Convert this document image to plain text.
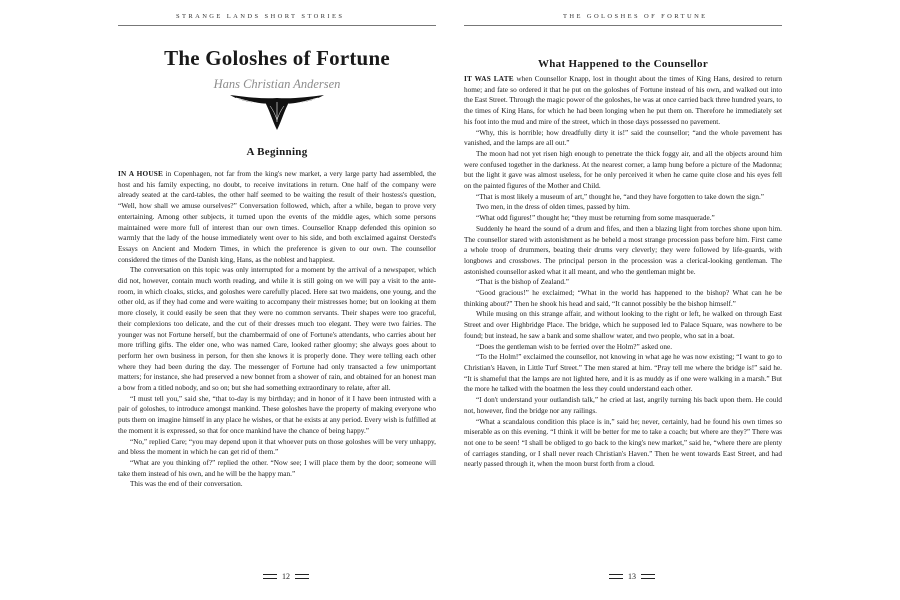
STRANGE LANDS SHORT STORIES
The Goloshes of Fortune
Hans Christian Andersen
A Beginning

IN A HOUSE in Copenhagen, not far from the king's new market, a very large party had assembled, the host and his family expecting, no doubt, to receive invitations in return. One half of the company were already seated at the card-tables, the other half seemed to be waiting the result of their hostess's question, “Well, how shall we amuse ourselves?” Conversation followed, which, after a while, began to prove very entertaining. Among other subjects, it turned upon the events of the middle ages, which some persons maintained were more full of interest than our own times. Counsellor Knapp defended this opinion so warmly that the lady of the house immediately went over to his side, and both exclaimed against Oersted's Essays on Ancient and Modern Times, in which the preference is given to our own. The counsellor considered the times of the Danish king, Hans, as the noblest and happiest.

The conversation on this topic was only interrupted for a moment by the arrival of a newspaper, which did not, however, contain much worth reading, and while it is still going on we will pay a visit to the ante-room, in which cloaks, sticks, and goloshes were carefully placed. Here sat two maidens, one young, and the other old, as if they had come and were waiting to accompany their mistresses home; but on looking at them more closely, it could easily be seen that they were no common servants. Their shapes were too graceful, their complexions too delicate, and the cut of their dresses much too elegant. They were two fairies. The younger was not Fortune herself, but the chambermaid of one of Fortune's attendants, who carries about her more trifling gifts. The elder one, who was named Care, looked rather gloomy; she always goes about to perform her own business in person, for then she knows it is properly done. They were telling each other where they had been during the day. The messenger of Fortune had only transacted a few unimportant matters; for instance, she had preserved a new bonnet from a shower of rain, and obtained for an honest man a bow from a titled nobody, and so on; but she had something extraordinary to relate, after all.

“I must tell you,” said she, “that to-day is my birthday; and in honor of it I have been intrusted with a pair of goloshes, to introduce amongst mankind. These goloshes have the property of making everyone who puts them on imagine himself in any place he wishes, or that he exists at any period. Every wish is fulfilled at the moment it is expressed, so that for once mankind have the chance of being happy.”

“No,” replied Care; “you may depend upon it that whoever puts on those goloshes will be very unhappy, and bless the moment in which he can get rid of them.”

“What are you thinking of?” replied the other. “Now see; I will place them by the door; someone will take them instead of his own, and he will be the happy man.”

This was the end of their conversation.

12
THE GOLOSHES OF FORTUNE
What Happened to the Counsellor

IT WAS LATE when Counsellor Knapp, lost in thought about the times of King Hans, desired to return home; and fate so ordered it that he put on the goloshes of Fortune instead of his own, and walked out into the East Street. Through the magic power of the goloshes, he was at once carried back three hundred years, to the times of King Hans, for which he had been longing when he put them on. Therefore he immediately set his foot into the mud and mire of the street, which in those days possessed no pavement.

“Why, this is horrible; how dreadfully dirty it is!” said the counsellor; “and the whole pavement has vanished, and the lamps are all out.”

The moon had not yet risen high enough to penetrate the thick foggy air, and all the objects around him were confused together in the darkness. At the nearest corner, a lamp hung before a picture of the Madonna; but the light it gave was almost useless, for he only perceived it when he came quite close and his eyes fell on the painted figures of the Mother and Child.

“That is most likely a museum of art,” thought he, “and they have forgotten to take down the sign.”

Two men, in the dress of olden times, passed by him.

“What odd figures!” thought he; “they must be returning from some masquerade.”

Suddenly he heard the sound of a drum and fifes, and then a blazing light from torches shone upon him. The counsellor stared with astonishment as he beheld a most strange procession pass before him. First came a whole troop of drummers, beating their drums very cleverly; they were followed by life-guards, with longbows and crossbows. The principal person in the procession was a clerical-looking gentleman. The astonished counsellor asked what it all meant, and who the gentleman might be.

“That is the bishop of Zealand.”

“Good gracious!” he exclaimed; “What in the world has happened to the bishop? What can he be thinking about?” Then he shook his head and said, “It cannot possibly be the bishop himself.”

While musing on this strange affair, and without looking to the right or left, he walked on through East Street and over Highbridge Place. The bridge, which he supposed led to Palace Square, was nowhere to be found; but instead, he saw a bank and some shallow water, and two people, who sat in a boat.

“Does the gentleman wish to be ferried over the Holm?” asked one.

“To the Holm!” exclaimed the counsellor, not knowing in what age he was now existing; “I want to go to Christian's Haven, in Little Turf Street.” The men stared at him. “Pray tell me where the bridge is!” said he. “It is shameful that the lamps are not lighted here, and it is as muddy as if one were walking in a marsh.” But the more he talked with the boatmen the less they could understand each other.

“I don't understand your outlandish talk,” he cried at last, angrily turning his back upon them. He could not, however, find the bridge nor any railings.

“What a scandalous condition this place is in,” said he; never, certainly, had he found his own times so miserable as on this evening. “I think it will be better for me to take a coach; but where are they?” There was not one to be seen! “I shall be obliged to go back to the king's new market,” said he, “where there are plenty of carriages standing, or I shall never reach Christian's Haven.” Then he went towards East Street, and had nearly passed through it, when the moon burst forth from a cloud.

13
